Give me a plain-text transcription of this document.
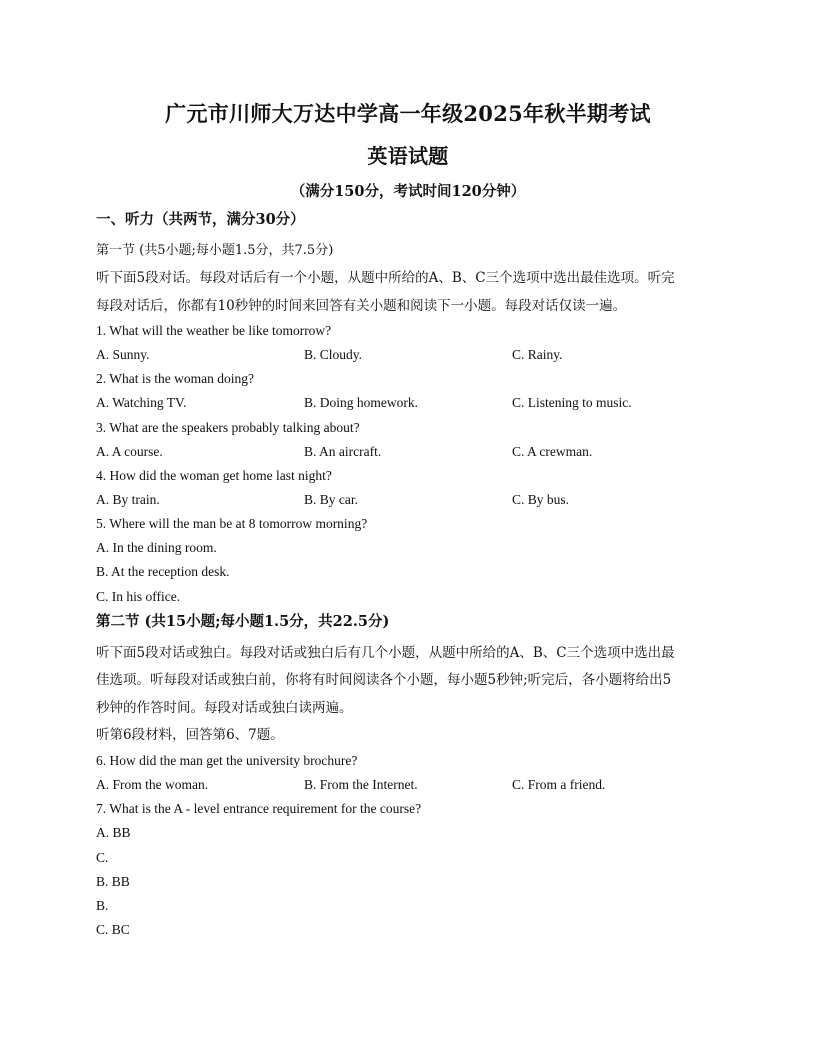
广元市川师大万达中学高一年级2025年秋半期考试
英语试题
（满分150分，考试时间120分钟）
一、听力（共两节，满分30分）
第一节 (共5小题;每小题1.5分，共7.5分)
听下面5段对话。每段对话后有一个小题，从题中所给的A、B、C三个选项中选出最佳选项。听完
每段对话后，你都有10秒钟的时间来回答有关小题和阅读下一小题。每段对话仅读一遍。
1. What will the weather be like tomorrow?
A. Sunny.	B. Cloudy.	C. Rainy.
2. What is the woman doing?
A. Watching TV.	B. Doing homework.	C. Listening to music.
3. What are the speakers probably talking about?
A. A course.	B. An aircraft.	C. A crewman.
4. How did the woman get home last night?
A. By train.	B. By car.	C. By bus.
5. Where will the man be at 8 tomorrow morning?
A. In the dining room.
B. At the reception desk.
C. In his office.
第二节 (共15小题;每小题1.5分，共22.5分)
听下面5段对话或独白。每段对话或独白后有几个小题，从题中所给的A、B、C三个选项中选出最
佳选项。听每段对话或独白前，你将有时间阅读各个小题，每小题5秒钟;听完后，各小题将给出5
秒钟的作答时间。每段对话或独白读两遍。
听第6段材料，回答第6、7题。
6. How did the man get the university brochure?
A. From the woman.	B. From the Internet.	C. From a friend.
7. What is the A - level entrance requirement for the course?
A. BB
C.
B. BB
B.
C. BC
